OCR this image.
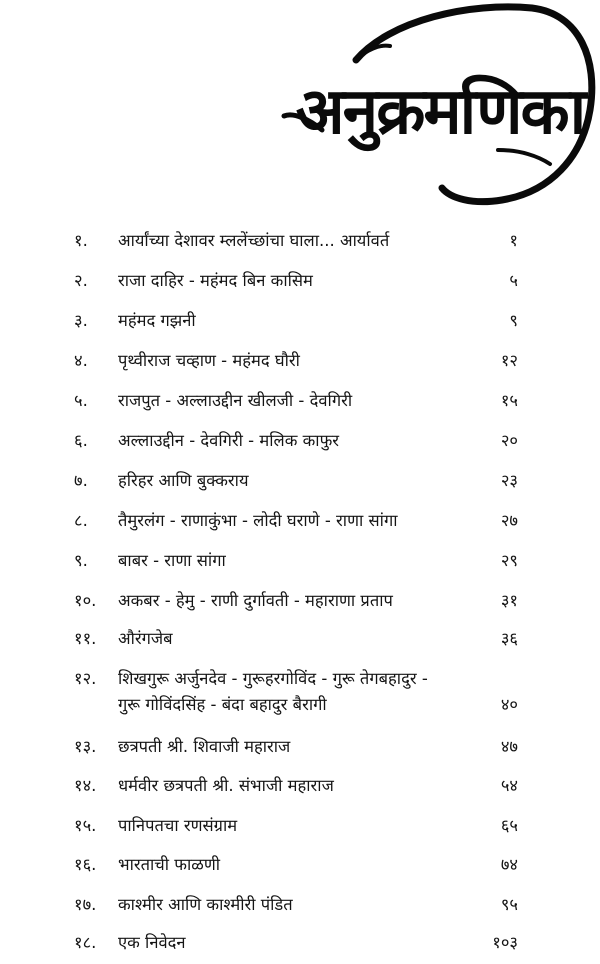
अनुक्रमणिका
१. आर्यांच्या देशावर म्ललेंच्छांचा घाला... आर्यावर्त	१
२. राजा दाहिर - महंमद बिन कासिम	५
३. महंमद गझनी	९
४. पृथ्वीराज चव्हाण - महंमद घौरी	१२
५. राजपुत - अल्लाउद्दीन खीलजी - देवगिरी	१५
६. अल्लाउद्दीन - देवगिरी - मलिक काफुर	२०
७. हरिहर आणि बुक्कराय	२३
८. तैमुरलंग - राणाकुंभा - लोदी घराणे - राणा सांगा	२७
९. बाबर - राणा सांगा	२९
१०. अकबर - हेमु - राणी दुर्गावती - महाराणा प्रताप	३१
११. औरंगजेब	३६
१२. शिखगुरू अर्जुनदेव - गुरूहरगोविंद - गुरू तेगबहादुर -
गुरू गोविंदसिंह - बंदा बहादुर बैरागी	४०
१३. छत्रपती श्री. शिवाजी महाराज	४७
१४. धर्मवीर छत्रपती श्री. संभाजी महाराज	५४
१५. पानिपतचा रणसंग्राम	६५
१६. भारताची फाळणी	७४
१७. काश्मीर आणि काश्मीरी पंडित	९५
१८. एक निवेदन	१०३
